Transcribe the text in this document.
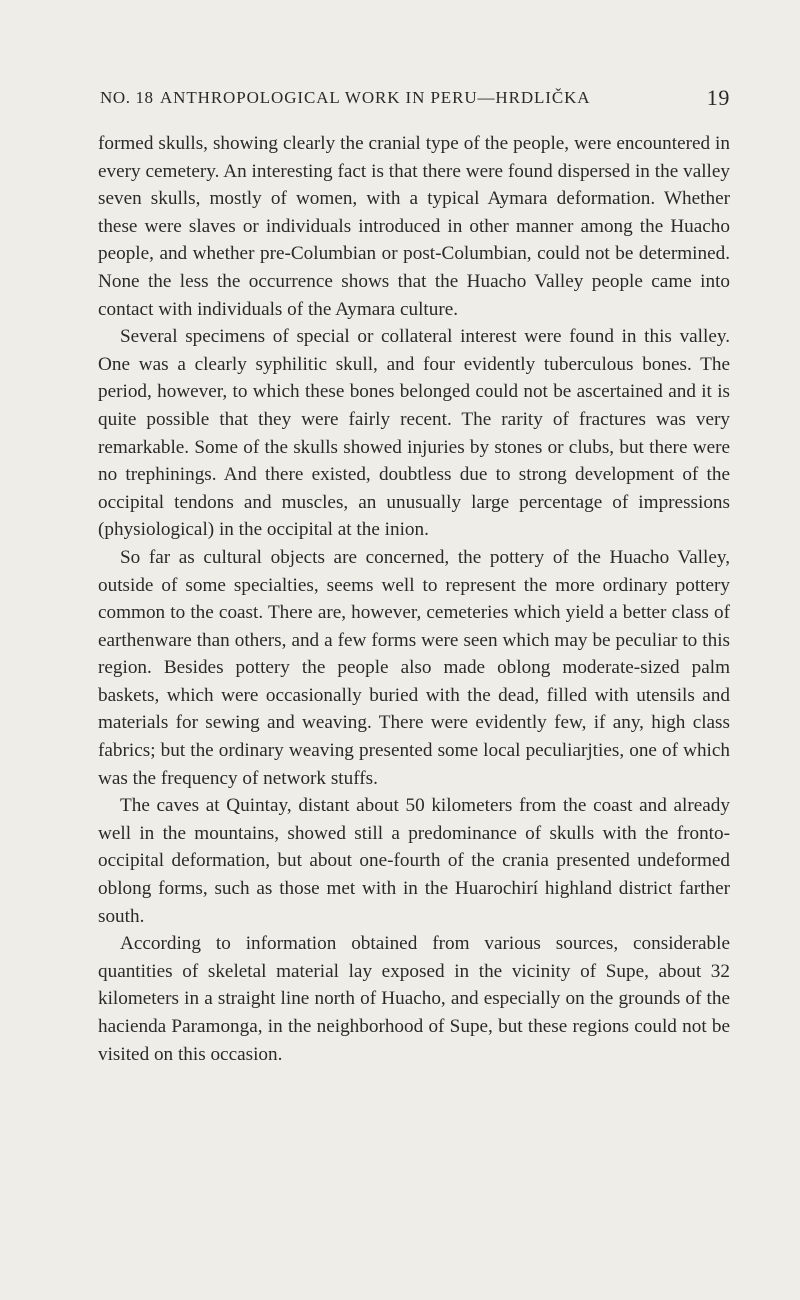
NO. 18 ANTHROPOLOGICAL WORK IN PERU—HRDLIČKA	19

formed skulls, showing clearly the cranial type of the people, were encountered in every cemetery. An interesting fact is that there were found dispersed in the valley seven skulls, mostly of women, with a typical Aymara deformation. Whether these were slaves or individuals introduced in other manner among the Huacho people, and whether pre-Columbian or post-Columbian, could not be determined. None the less the occurrence shows that the Huacho Valley people came into contact with individuals of the Aymara culture.

Several specimens of special or collateral interest were found in this valley. One was a clearly syphilitic skull, and four evidently tuberculous bones. The period, however, to which these bones belonged could not be ascertained and it is quite possible that they were fairly recent. The rarity of fractures was very remarkable. Some of the skulls showed injuries by stones or clubs, but there were no trephinings. And there existed, doubtless due to strong development of the occipital tendons and muscles, an unusually large percentage of impressions (physiological) in the occipital at the inion.

So far as cultural objects are concerned, the pottery of the Huacho Valley, outside of some specialties, seems well to represent the more ordinary pottery common to the coast. There are, however, cemeteries which yield a better class of earthenware than others, and a few forms were seen which may be peculiar to this region. Besides pottery the people also made oblong moderate-sized palm baskets, which were occasionally buried with the dead, filled with utensils and materials for sewing and weaving. There were evidently few, if any, high class fabrics; but the ordinary weaving presented some local peculiarjties, one of which was the frequency of network stuffs.

The caves at Quintay, distant about 50 kilometers from the coast and already well in the mountains, showed still a predominance of skulls with the fronto-occipital deformation, but about one-fourth of the crania presented undeformed oblong forms, such as those met with in the Huarochirí highland district farther south.

According to information obtained from various sources, considerable quantities of skeletal material lay exposed in the vicinity of Supe, about 32 kilometers in a straight line north of Huacho, and especially on the grounds of the hacienda Paramonga, in the neighborhood of Supe, but these regions could not be visited on this occasion.
